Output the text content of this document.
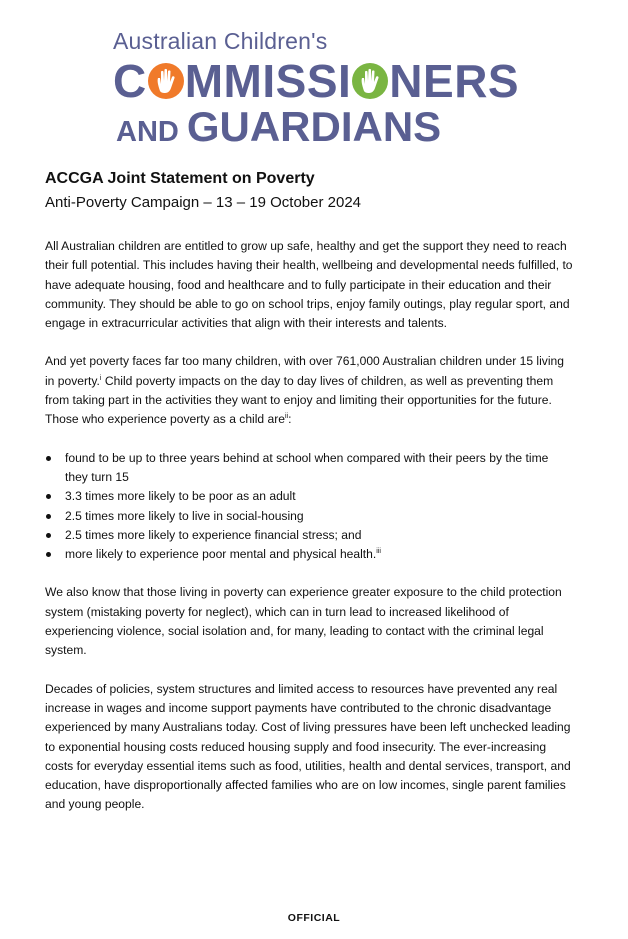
Australian Children's
C MMISSI NERS
AND GUARDIANS
ACCGA Joint Statement on Poverty
Anti-Poverty Campaign – 13 – 19 October 2024

All Australian children are entitled to grow up safe, healthy and get the support they need to reach their full potential. This includes having their health, wellbeing and developmental needs fulfilled, to have adequate housing, food and healthcare and to fully participate in their education and their community. They should be able to go on school trips, enjoy family outings, play regular sport, and engage in extracurricular activities that align with their interests and talents.

And yet poverty faces far too many children, with over 761,000 Australian children under 15 living in poverty.$^i$ Child poverty impacts on the day to day lives of children, as well as preventing them from taking part in the activities they want to enjoy and limiting their opportunities for the future. Those who experience poverty as a child are$^{ii}$:

found to be up to three years behind at school when compared with their peers by the time they turn 15
3.3 times more likely to be poor as an adult
2.5 times more likely to live in social-housing
2.5 times more likely to experience financial stress; and
more likely to experience poor mental and physical health.$^{iii}$

We also know that those living in poverty can experience greater exposure to the child protection system (mistaking poverty for neglect), which can in turn lead to increased likelihood of experiencing violence, social isolation and, for many, leading to contact with the criminal legal system.

Decades of policies, system structures and limited access to resources have prevented any real increase in wages and income support payments have contributed to the chronic disadvantage experienced by many Australians today. Cost of living pressures have been left unchecked leading to exponential housing costs reduced housing supply and food insecurity. The ever-increasing costs for everyday essential items such as food, utilities, health and dental services, transport, and education, have disproportionally affected families who are on low incomes, single parent families and young people.

OFFICIAL
